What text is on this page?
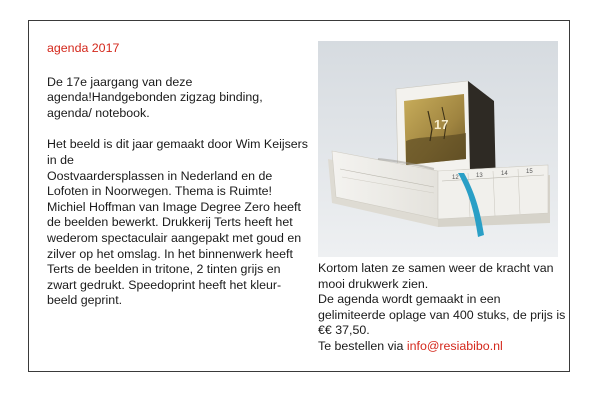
agenda 2017

De 17e jaargang van deze agenda!Handgebonden zigzag binding, agenda/ notebook.

Het beeld is dit jaar gemaakt door Wim Keijsers in de

Oostvaardersplassen in Nederland en de Lofoten in Noorwegen. Thema is Ruimte!

Michiel Hoffman van Image Degree Zero heeft de beelden bewerkt. Drukkerij Terts heeft het wederom spectaculair aangepakt met goud en zilver op het omslag. In het binnenwerk heeft Terts de beelden in tritone, 2 tinten grijs en zwart gedrukt. Speedoprint heeft het kleur-beeld geprint.

17
12	13	14	15

Kortom laten ze samen weer de kracht van mooi drukwerk zien.

De agenda wordt gemaakt in een gelimiteerde oplage van 400 stuks, de prijs is €€ 37,50.

Te bestellen via info@resiabibo.nl
